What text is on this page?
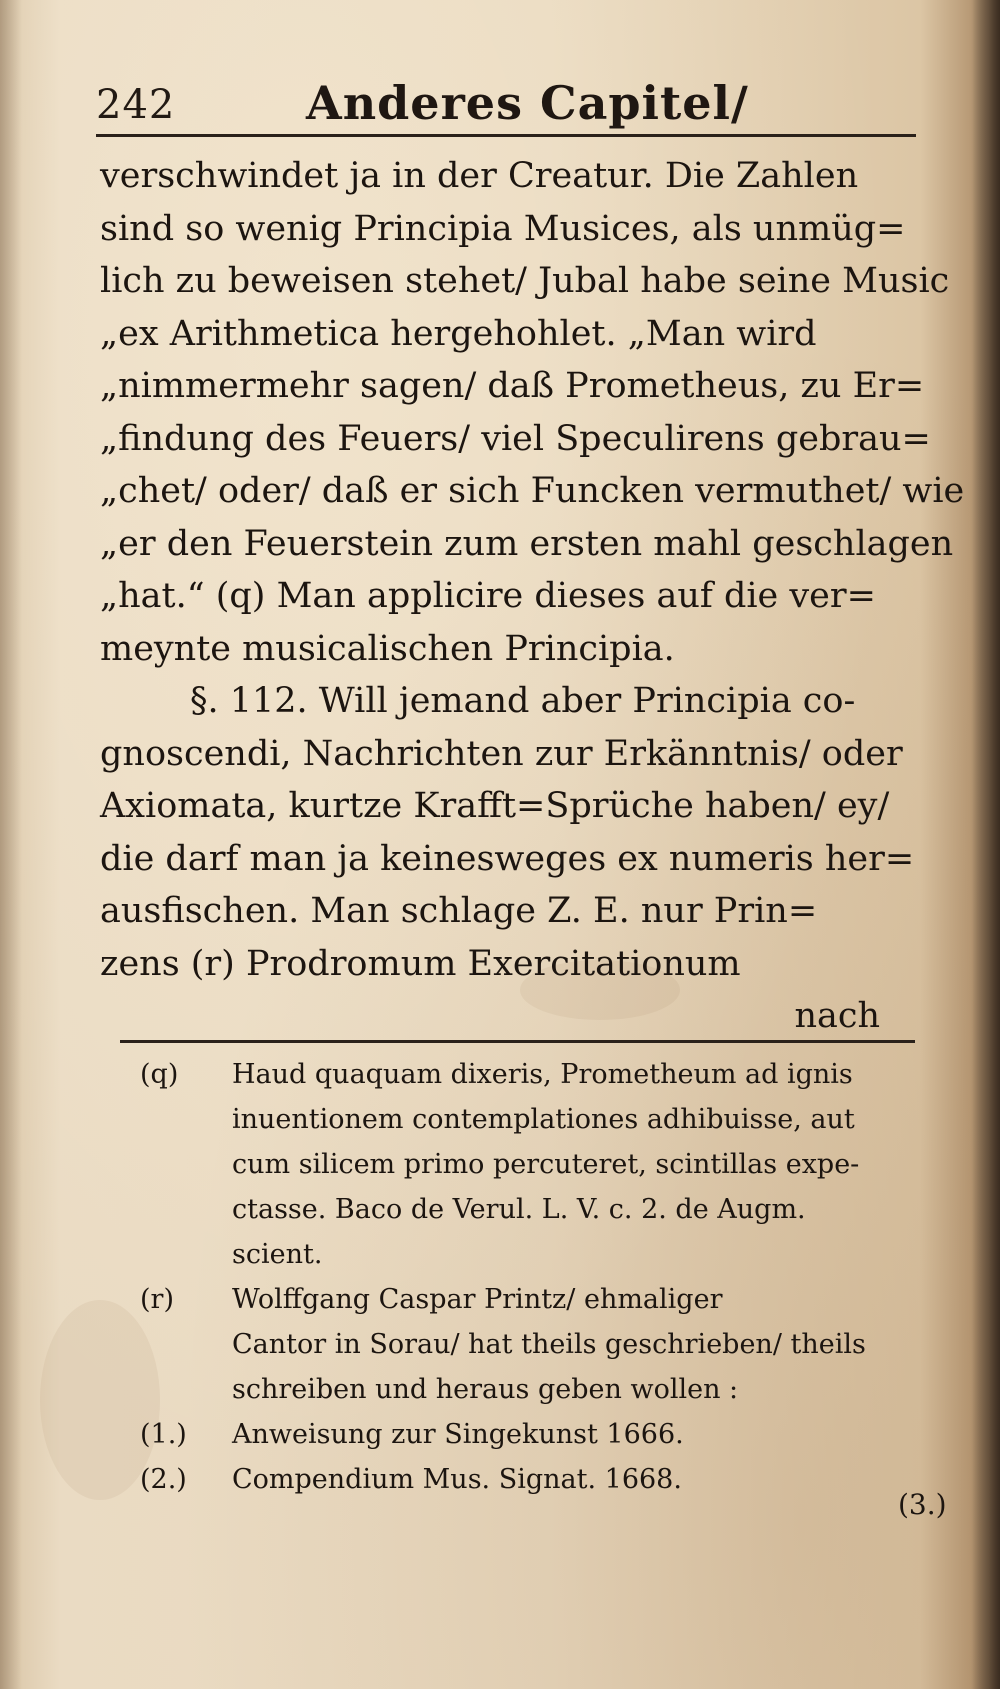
242	Anderes Capitel/
verschwindet ja in der Creatur. Die Zahlen
sind so wenig Principia Musices, als unmüg=
lich zu beweisen stehet/ Jubal habe seine Music
„ex Arithmetica hergehohlet. „Man wird
„nimmermehr sagen/ daß Prometheus, zu Er=
„findung des Feuers/ viel Speculirens gebrau=
„chet/ oder/ daß er sich Funcken vermuthet/ wie
„er den Feuerstein zum ersten mahl geschlagen
„hat.“ (q) Man applicire dieses auf die ver=
meynte musicalischen Principia.
§. 112. Will jemand aber Principia co-
gnoscendi, Nachrichten zur Erkänntnis/ oder
Axiomata, kurtze Krafft=Sprüche haben/ ey/
die darf man ja keinesweges ex numeris her=
ausfischen. Man schlage Z. E. nur Prin=
zens (r) Prodromum Exercitationum
nach
(q) Haud quaquam dixeris, Prometheum ad ignis
inuentionem contemplationes adhibuisse, aut
cum silicem primo percuteret, scintillas expe-
ctasse. Baco de Verul. L. V. c. 2. de Augm.
scient.
(r) Wolffgang Caspar Printz/ ehmaliger
Cantor in Sorau/ hat theils geschrieben/ theils
schreiben und heraus geben wollen :
(1.) Anweisung zur Singekunst 1666.
(2.) Compendium Mus. Signat. 1668.
(3.)
